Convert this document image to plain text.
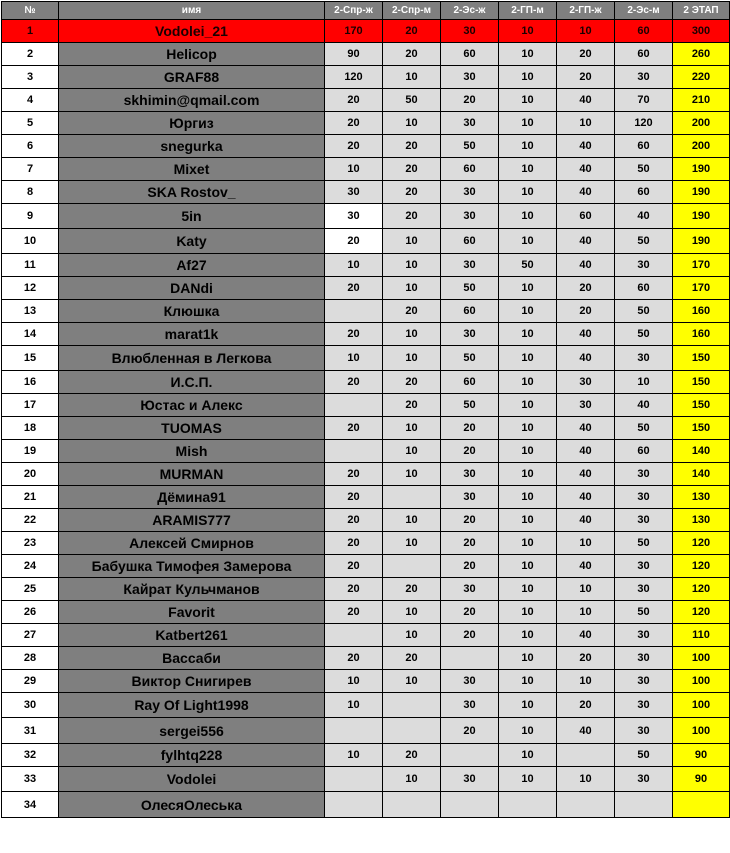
№	имя	2-Спр-ж	2-Спр-м	2-Эс-ж	2-ГП-м	2-ГП-ж	2-Эс-м	2 ЭТАП
1	Vodolei_21	170	20	30	10	10	60	300
2	Helicop	90	20	60	10	20	60	260
3	GRAF88	120	10	30	10	20	30	220
4	skhimin@qmail.com	20	50	20	10	40	70	210
5	Юргиз	20	10	30	10	10	120	200
6	snegurka	20	20	50	10	40	60	200
7	Mixet	10	20	60	10	40	50	190
8	SKA Rostov_	30	20	30	10	40	60	190
9	5in	30	20	30	10	60	40	190
10	Katy	20	10	60	10	40	50	190
11	Af27	10	10	30	50	40	30	170
12	DANdi	20	10	50	10	20	60	170
13	Клюшка		20	60	10	20	50	160
14	marat1k	20	10	30	10	40	50	160
15	Влюбленная в Легкова	10	10	50	10	40	30	150
16	И.С.П.	20	20	60	10	30	10	150
17	Юстас и Алекс		20	50	10	30	40	150
18	TUOMAS	20	10	20	10	40	50	150
19	Mish		10	20	10	40	60	140
20	MURMAN	20	10	30	10	40	30	140
21	Дёмина91	20		30	10	40	30	130
22	ARAMIS777	20	10	20	10	40	30	130
23	Алексей Смирнов	20	10	20	10	10	50	120
24	Бабушка Тимофея Замерова	20		20	10	40	30	120
25	Кайрат Кульчманов	20	20	30	10	10	30	120
26	Favorit	20	10	20	10	10	50	120
27	Katbert261		10	20	10	40	30	110
28	Вассаби	20	20		10	20	30	100
29	Виктор Снигирев	10	10	30	10	10	30	100
30	Ray Of Light1998	10		30	10	20	30	100
31	sergei556			20	10	40	30	100
32	fylhtq228	10	20		10		50	90
33	Vodolei		10	30	10	10	30	90
34	ОлесяОлеська							
